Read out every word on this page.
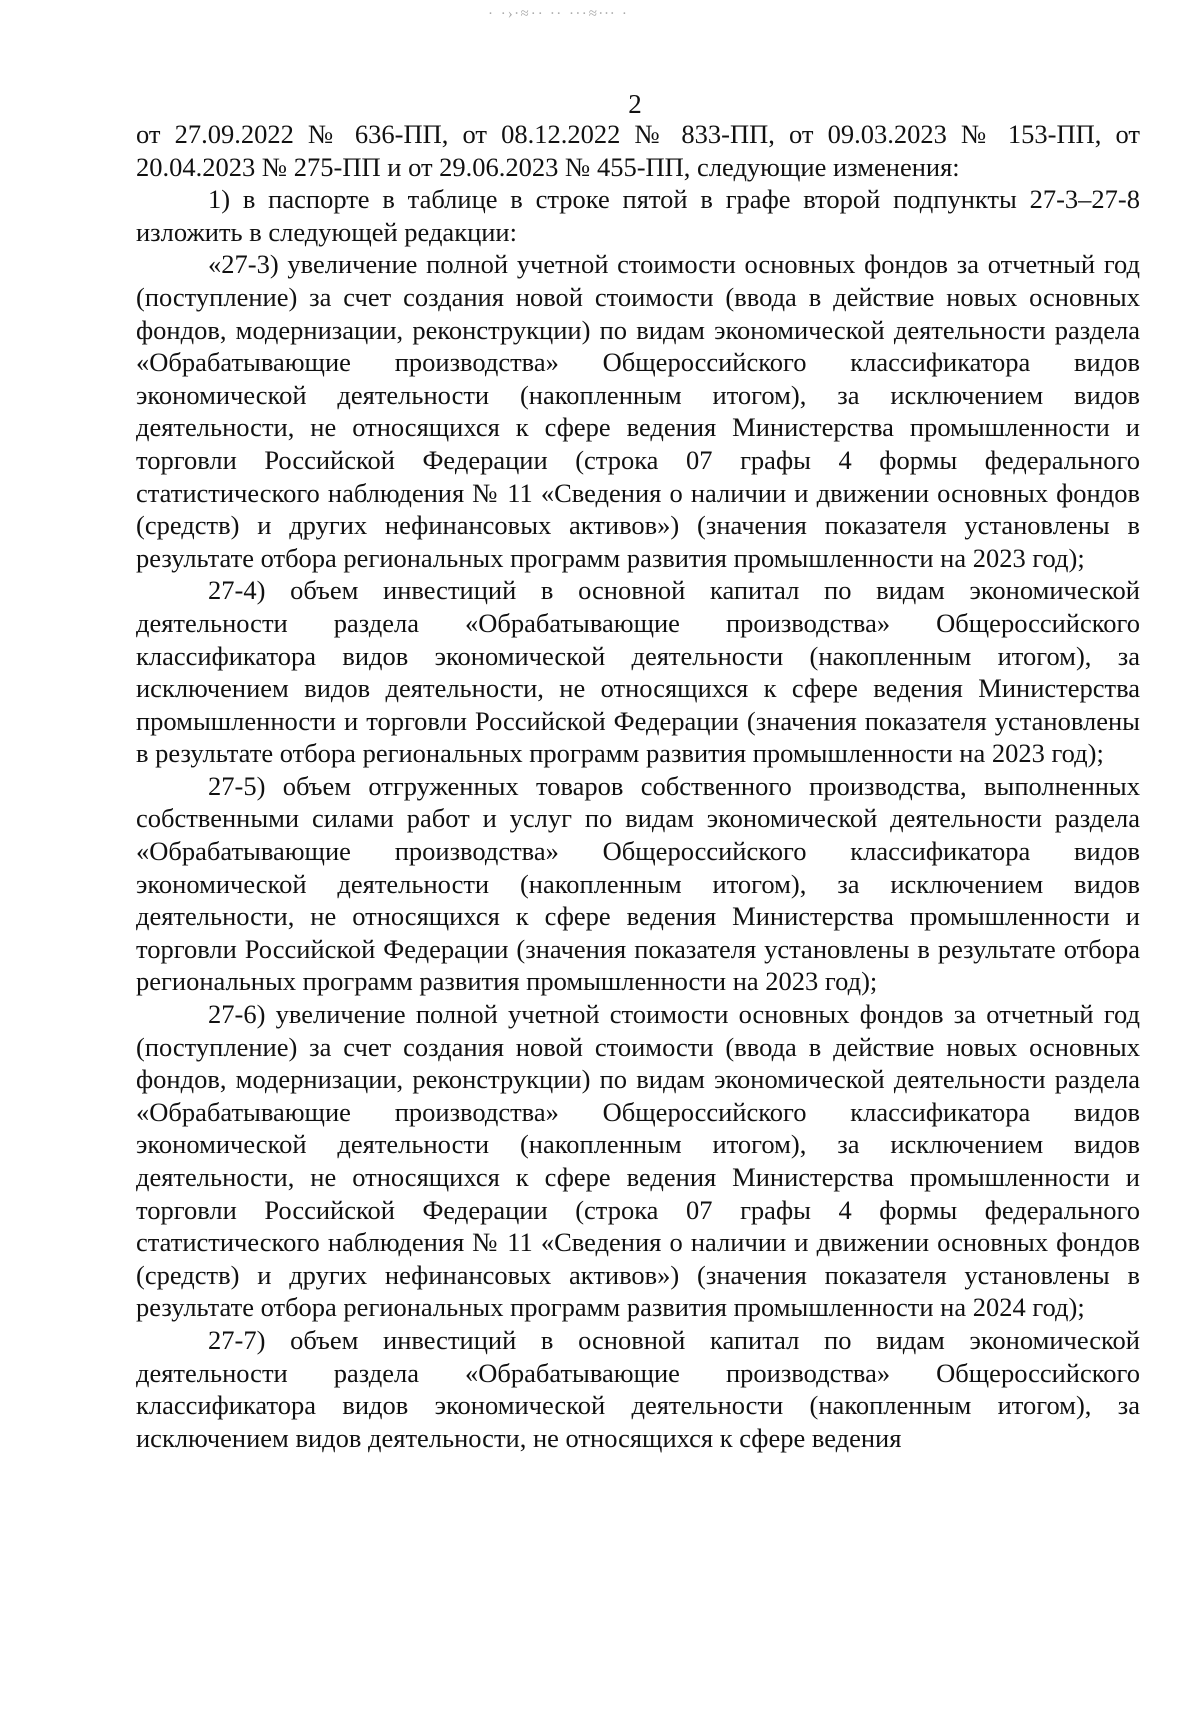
· ·›∙≈·· ∙· ·∙·≈∙∙∙ ·
2

от 27.09.2022 № 636-ПП, от 08.12.2022 № 833-ПП, от 09.03.2023 № 153-ПП, от 20.04.2023 № 275-ПП и от 29.06.2023 № 455-ПП, следующие изменения:

1) в паспорте в таблице в строке пятой в графе второй подпункты 27-3–27-8 изложить в следующей редакции:

«27-3) увеличение полной учетной стоимости основных фондов за отчетный год (поступление) за счет создания новой стоимости (ввода в действие новых основных фондов, модернизации, реконструкции) по видам экономической деятельности раздела «Обрабатывающие производства» Общероссийского классификатора видов экономической деятельности (накопленным итогом), за исключением видов деятельности, не относящихся к сфере ведения Министерства промышленности и торговли Российской Федерации (строка 07 графы 4 формы федерального статистического наблюдения № 11 «Сведения о наличии и движении основных фондов (средств) и других нефинансовых активов») (значения показателя установлены в результате отбора региональных программ развития промышленности на 2023 год);

27-4) объем инвестиций в основной капитал по видам экономической деятельности раздела «Обрабатывающие производства» Общероссийского классификатора видов экономической деятельности (накопленным итогом), за исключением видов деятельности, не относящихся к сфере ведения Министерства промышленности и торговли Российской Федерации (значения показателя установлены в результате отбора региональных программ развития промышленности на 2023 год);

27-5) объем отгруженных товаров собственного производства, выполненных собственными силами работ и услуг по видам экономической деятельности раздела «Обрабатывающие производства» Общероссийского классификатора видов экономической деятельности (накопленным итогом), за исключением видов деятельности, не относящихся к сфере ведения Министерства промышленности и торговли Российской Федерации (значения показателя установлены в результате отбора региональных программ развития промышленности на 2023 год);

27-6) увеличение полной учетной стоимости основных фондов за отчетный год (поступление) за счет создания новой стоимости (ввода в действие новых основных фондов, модернизации, реконструкции) по видам экономической деятельности раздела «Обрабатывающие производства» Общероссийского классификатора видов экономической деятельности (накопленным итогом), за исключением видов деятельности, не относящихся к сфере ведения Министерства промышленности и торговли Российской Федерации (строка 07 графы 4 формы федерального статистического наблюдения № 11 «Сведения о наличии и движении основных фондов (средств) и других нефинансовых активов») (значения показателя установлены в результате отбора региональных программ развития промышленности на 2024 год);

27-7) объем инвестиций в основной капитал по видам экономической деятельности раздела «Обрабатывающие производства» Общероссийского классификатора видов экономической деятельности (накопленным итогом), за исключением видов деятельности, не относящихся к сфере ведения
